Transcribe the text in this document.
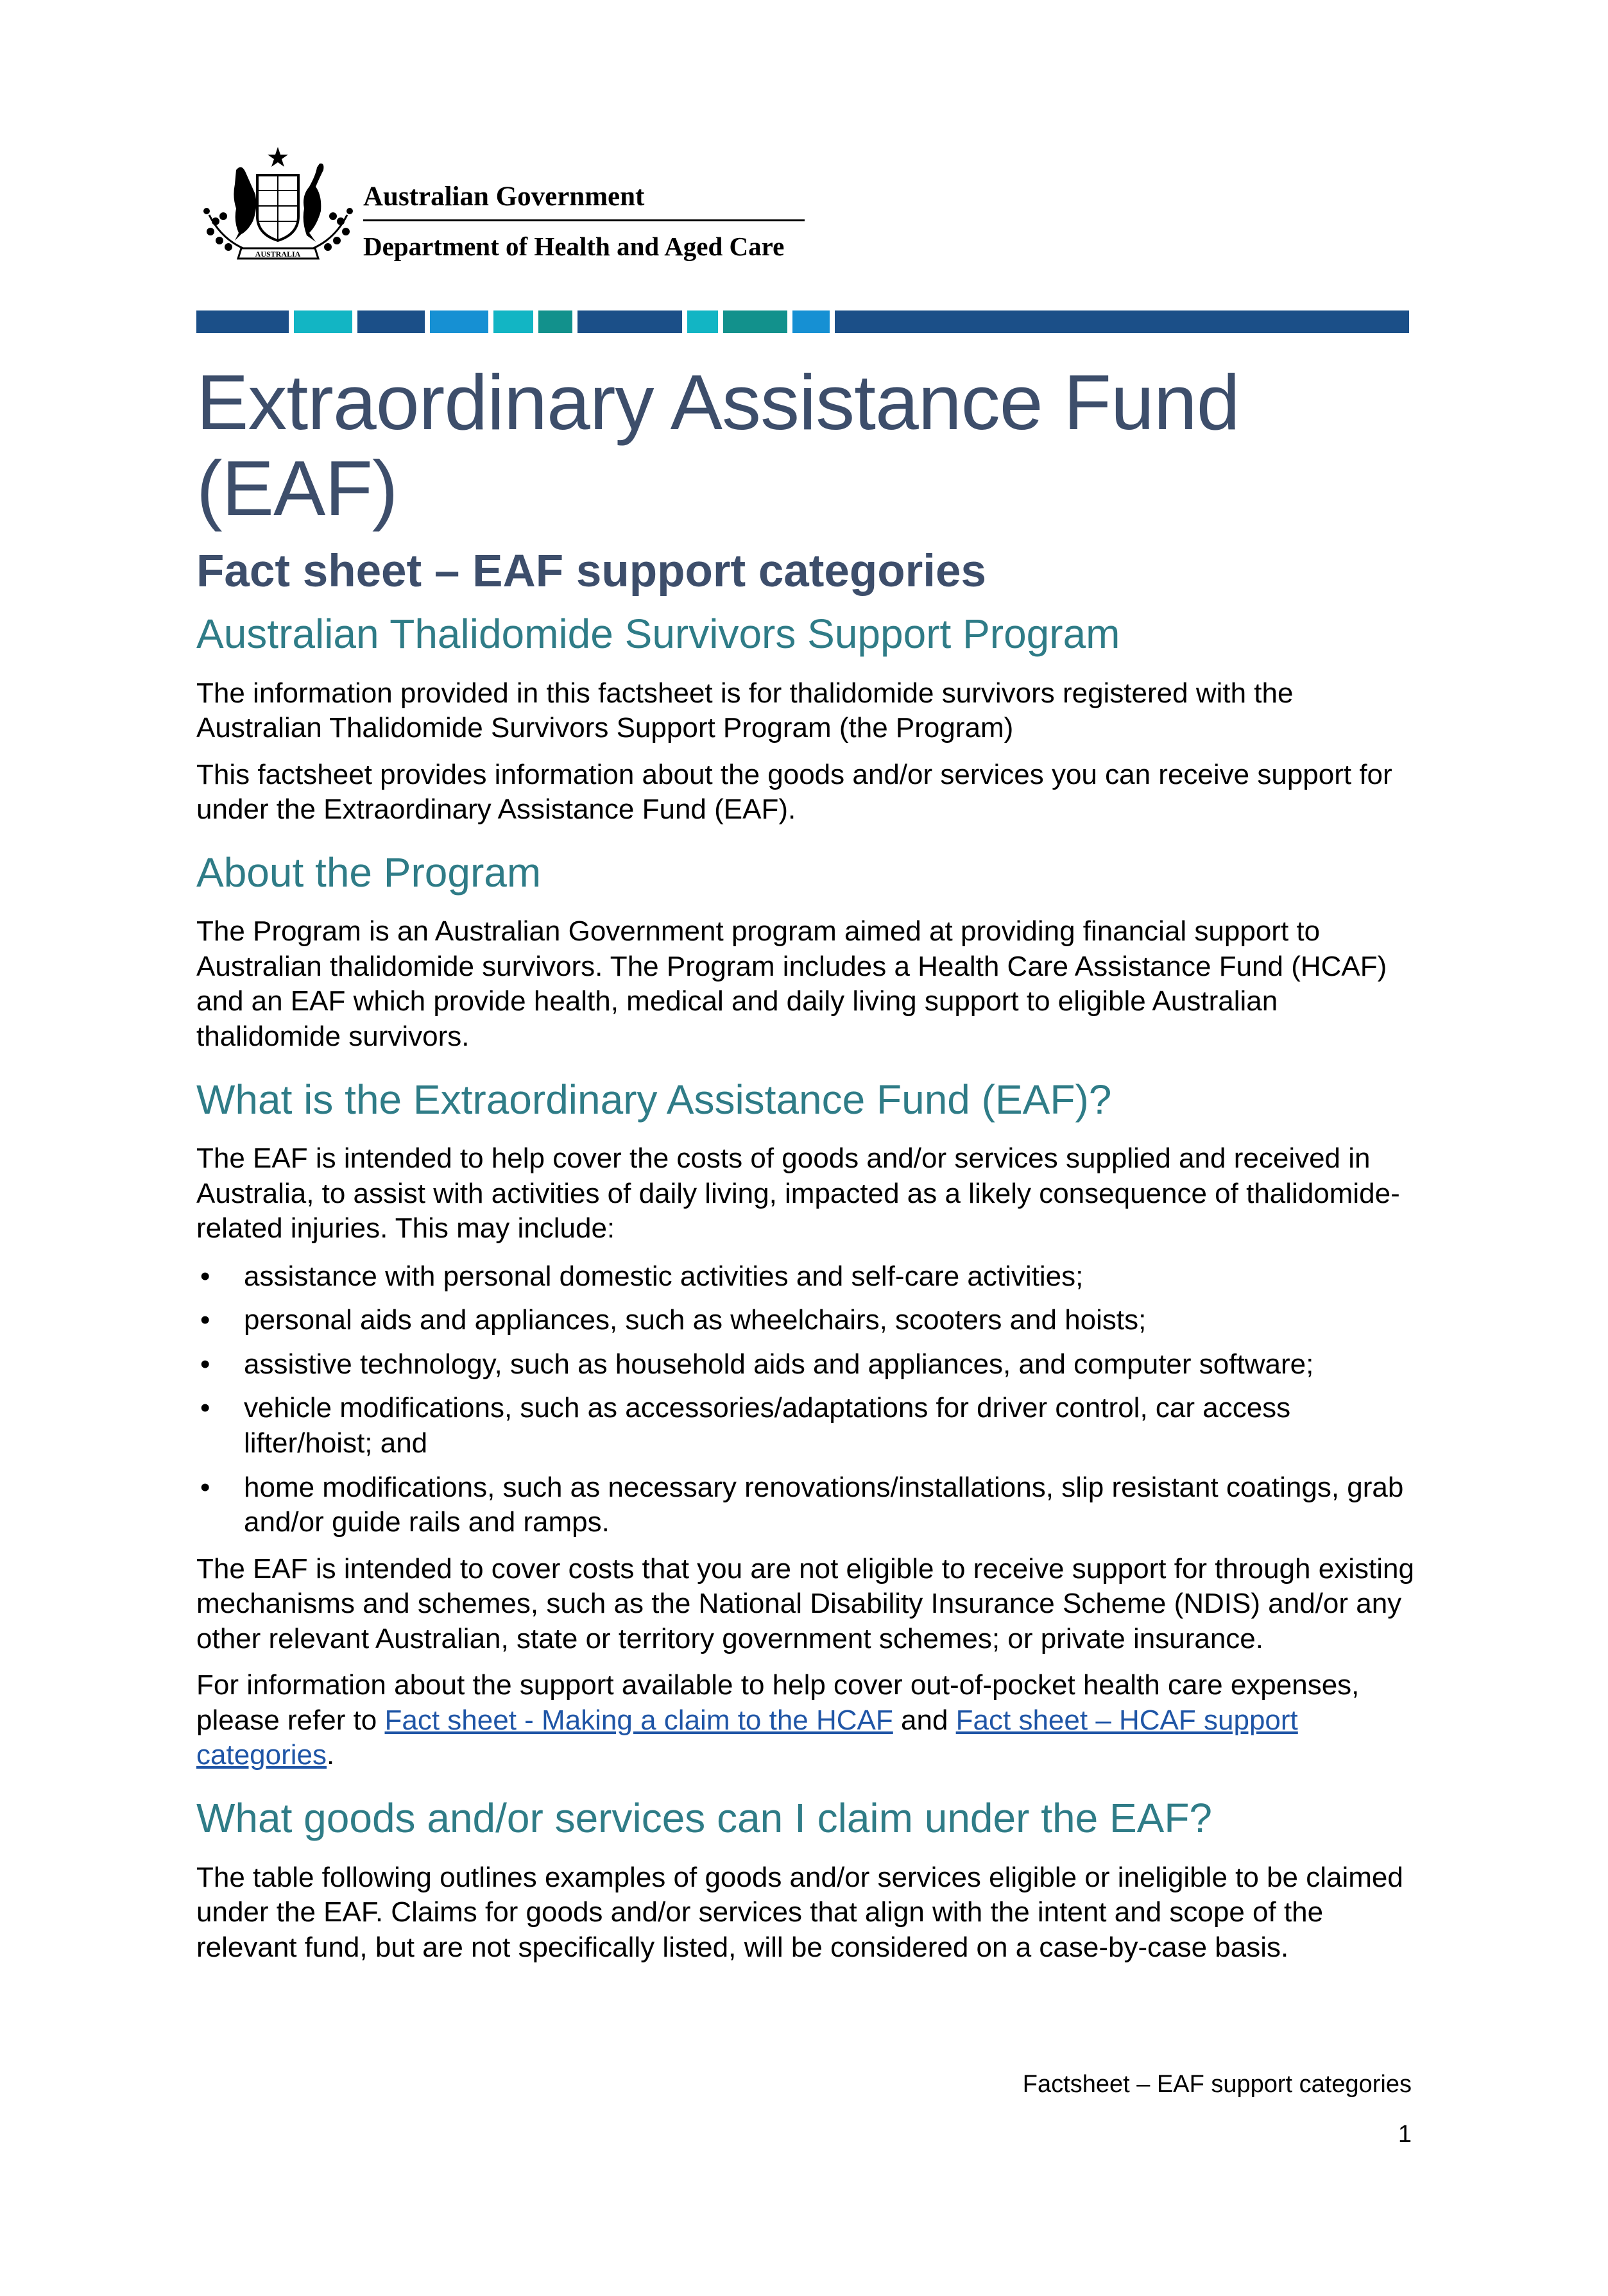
AUSTRALIA
Australian Government
Department of Health and Aged Care
Extraordinary Assistance Fund (EAF)
Fact sheet – EAF support categories
Australian Thalidomide Survivors Support Program

The information provided in this factsheet is for thalidomide survivors registered with the Australian Thalidomide Survivors Support Program (the Program)

This factsheet provides information about the goods and/or services you can receive support for under the Extraordinary Assistance Fund (EAF).

About the Program

The Program is an Australian Government program aimed at providing financial support to Australian thalidomide survivors. The Program includes a Health Care Assistance Fund (HCAF) and an EAF which provide health, medical and daily living support to eligible Australian thalidomide survivors.

What is the Extraordinary Assistance Fund (EAF)?

The EAF is intended to help cover the costs of goods and/or services supplied and received in Australia, to assist with activities of daily living, impacted as a likely consequence of thalidomide-related injuries. This may include:

• assistance with personal domestic activities and self-care activities;
• personal aids and appliances, such as wheelchairs, scooters and hoists;
• assistive technology, such as household aids and appliances, and computer software;
• vehicle modifications, such as accessories/adaptations for driver control, car access lifter/hoist; and
• home modifications, such as necessary renovations/installations, slip resistant coatings, grab and/or guide rails and ramps.

The EAF is intended to cover costs that you are not eligible to receive support for through existing mechanisms and schemes, such as the National Disability Insurance Scheme (NDIS) and/or any other relevant Australian, state or territory government schemes; or private insurance.

For information about the support available to help cover out-of-pocket health care expenses, please refer to Fact sheet - Making a claim to the HCAF and Fact sheet – HCAF support categories.

What goods and/or services can I claim under the EAF?

The table following outlines examples of goods and/or services eligible or ineligible to be claimed under the EAF. Claims for goods and/or services that align with the intent and scope of the relevant fund, but are not specifically listed, will be considered on a case-by-case basis.

Factsheet – EAF support categories
1
